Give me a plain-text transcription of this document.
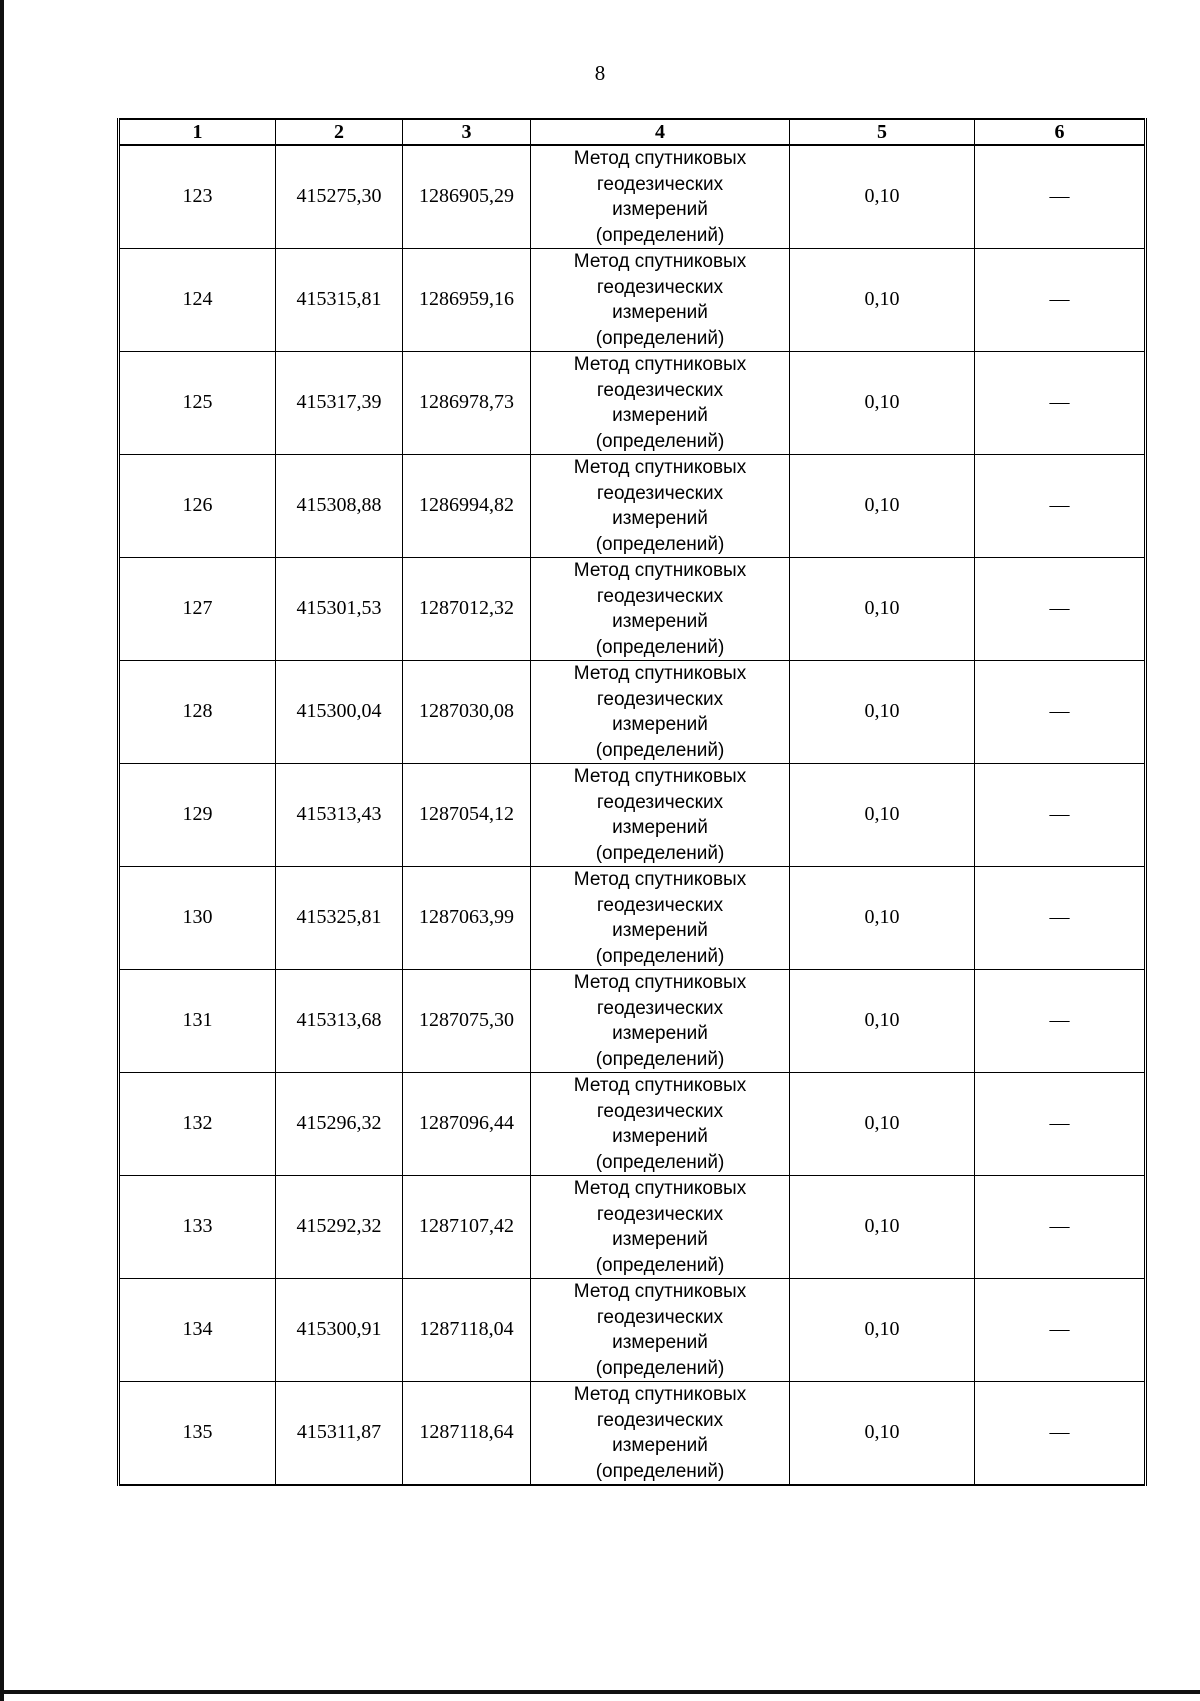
8
1	2	3	4	5	6
123	415275,30	1286905,29	Метод спутниковых
геодезических
измерений
(определений)	0,10	—
124	415315,81	1286959,16	Метод спутниковых
геодезических
измерений
(определений)	0,10	—
125	415317,39	1286978,73	Метод спутниковых
геодезических
измерений
(определений)	0,10	—
126	415308,88	1286994,82	Метод спутниковых
геодезических
измерений
(определений)	0,10	—
127	415301,53	1287012,32	Метод спутниковых
геодезических
измерений
(определений)	0,10	—
128	415300,04	1287030,08	Метод спутниковых
геодезических
измерений
(определений)	0,10	—
129	415313,43	1287054,12	Метод спутниковых
геодезических
измерений
(определений)	0,10	—
130	415325,81	1287063,99	Метод спутниковых
геодезических
измерений
(определений)	0,10	—
131	415313,68	1287075,30	Метод спутниковых
геодезических
измерений
(определений)	0,10	—
132	415296,32	1287096,44	Метод спутниковых
геодезических
измерений
(определений)	0,10	—
133	415292,32	1287107,42	Метод спутниковых
геодезических
измерений
(определений)	0,10	—
134	415300,91	1287118,04	Метод спутниковых
геодезических
измерений
(определений)	0,10	—
135	415311,87	1287118,64	Метод спутниковых
геодезических
измерений
(определений)	0,10	—
